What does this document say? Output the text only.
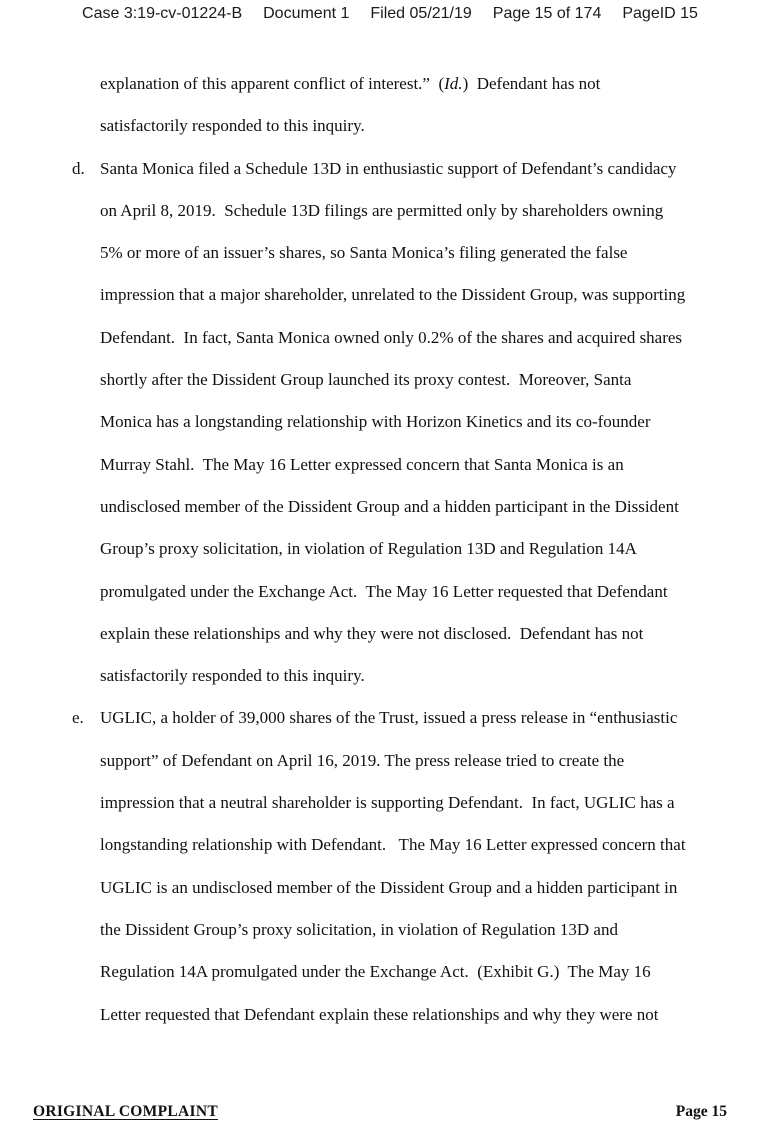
Case 3:19-cv-01224-B Document 1 Filed 05/21/19 Page 15 of 174 PageID 15
explanation of this apparent conflict of interest.”  (Id.)  Defendant has not
satisfactorily responded to this inquiry.
d. Santa Monica filed a Schedule 13D in enthusiastic support of Defendant’s candidacy
on April 8, 2019.  Schedule 13D filings are permitted only by shareholders owning
5% or more of an issuer’s shares, so Santa Monica’s filing generated the false
impression that a major shareholder, unrelated to the Dissident Group, was supporting
Defendant.  In fact, Santa Monica owned only 0.2% of the shares and acquired shares
shortly after the Dissident Group launched its proxy contest.  Moreover, Santa
Monica has a longstanding relationship with Horizon Kinetics and its co-founder
Murray Stahl.  The May 16 Letter expressed concern that Santa Monica is an
undisclosed member of the Dissident Group and a hidden participant in the Dissident
Group’s proxy solicitation, in violation of Regulation 13D and Regulation 14A
promulgated under the Exchange Act.  The May 16 Letter requested that Defendant
explain these relationships and why they were not disclosed.  Defendant has not
satisfactorily responded to this inquiry.
e. UGLIC, a holder of 39,000 shares of the Trust, issued a press release in “enthusiastic
support” of Defendant on April 16, 2019. The press release tried to create the
impression that a neutral shareholder is supporting Defendant.  In fact, UGLIC has a
longstanding relationship with Defendant.   The May 16 Letter expressed concern that
UGLIC is an undisclosed member of the Dissident Group and a hidden participant in
the Dissident Group’s proxy solicitation, in violation of Regulation 13D and
Regulation 14A promulgated under the Exchange Act.  (Exhibit G.)  The May 16
Letter requested that Defendant explain these relationships and why they were not
ORIGINAL COMPLAINT	Page 15
